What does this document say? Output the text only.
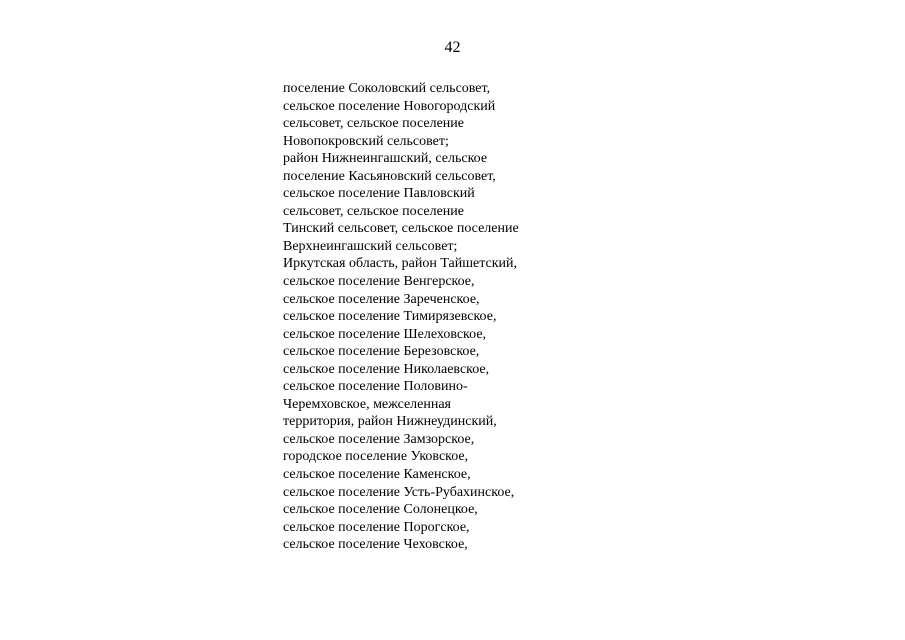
42
поселение Соколовский сельсовет,
сельское поселение Новогородский
сельсовет, сельское поселение
Новопокровский сельсовет;
район Нижнеингашский, сельское
поселение Касьяновский сельсовет,
сельское поселение Павловский
сельсовет, сельское поселение
Тинский сельсовет, сельское поселение
Верхнеингашский сельсовет;
Иркутская область, район Тайшетский,
сельское поселение Венгерское,
сельское поселение Зареченское,
сельское поселение Тимирязевское,
сельское поселение Шелеховское,
сельское поселение Березовское,
сельское поселение Николаевское,
сельское поселение Половино-
Черемховское, межселенная
территория, район Нижнеудинский,
сельское поселение Замзорское,
городское поселение Уковское,
сельское поселение Каменское,
сельское поселение Усть-Рубахинское,
сельское поселение Солонецкое,
сельское поселение Порогское,
сельское поселение Чеховское,
